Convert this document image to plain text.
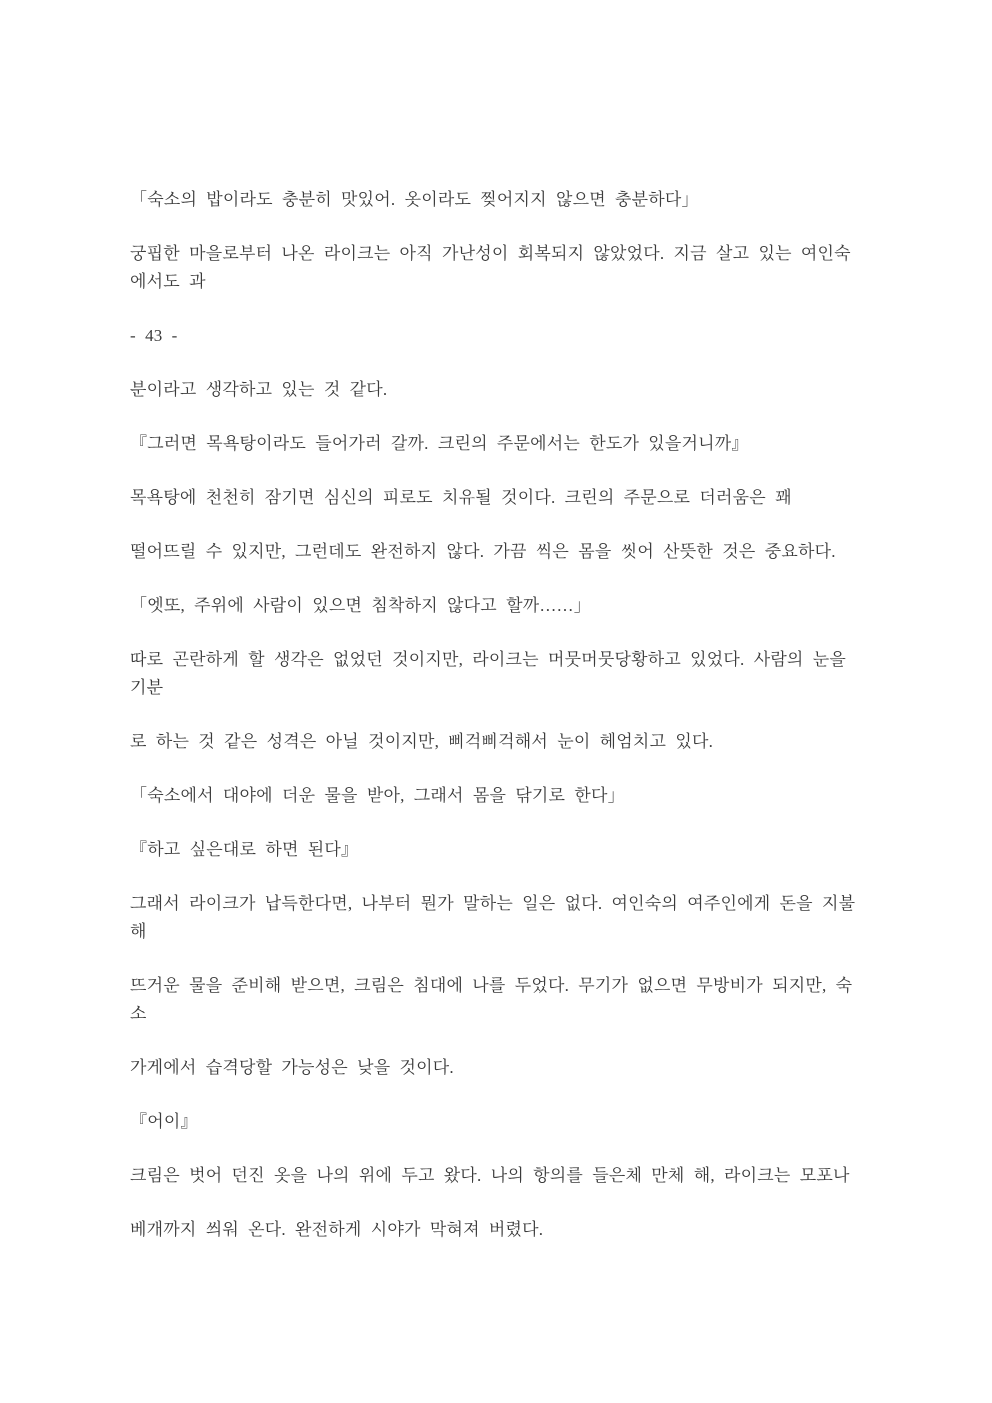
「숙소의 밥이라도 충분히 맛있어. 옷이라도 찢어지지 않으면 충분하다」

궁핍한 마을로부터 나온 라이크는 아직 가난성이 회복되지 않았었다. 지금 살고 있는 여인숙
에서도 과

- 43 -

분이라고 생각하고 있는 것 같다.

『그러면 목욕탕이라도 들어가러 갈까. 크린의 주문에서는 한도가 있을거니까』

목욕탕에 천천히 잠기면 심신의 피로도 치유될 것이다. 크린의 주문으로 더러움은 꽤

떨어뜨릴 수 있지만, 그런데도 완전하지 않다. 가끔 씩은 몸을 씻어 산뜻한 것은 중요하다.

「엣또, 주위에 사람이 있으면 침착하지 않다고 할까……」

따로 곤란하게 할 생각은 없었던 것이지만, 라이크는 머뭇머뭇당황하고 있었다. 사람의 눈을
기분

로 하는 것 같은 성격은 아닐 것이지만, 삐걱삐걱해서 눈이 헤엄치고 있다.

「숙소에서 대야에 더운 물을 받아, 그래서 몸을 닦기로 한다」

『하고 싶은대로 하면 된다』

그래서 라이크가 납득한다면, 나부터 뭔가 말하는 일은 없다. 여인숙의 여주인에게 돈을 지불
해

뜨거운 물을 준비해 받으면, 크림은 침대에 나를 두었다. 무기가 없으면 무방비가 되지만, 숙
소

가게에서 습격당할 가능성은 낮을 것이다.

『어이』

크림은 벗어 던진 옷을 나의 위에 두고 왔다. 나의 항의를 들은체 만체 해, 라이크는 모포나

베개까지 씌워 온다. 완전하게 시야가 막혀져 버렸다.
